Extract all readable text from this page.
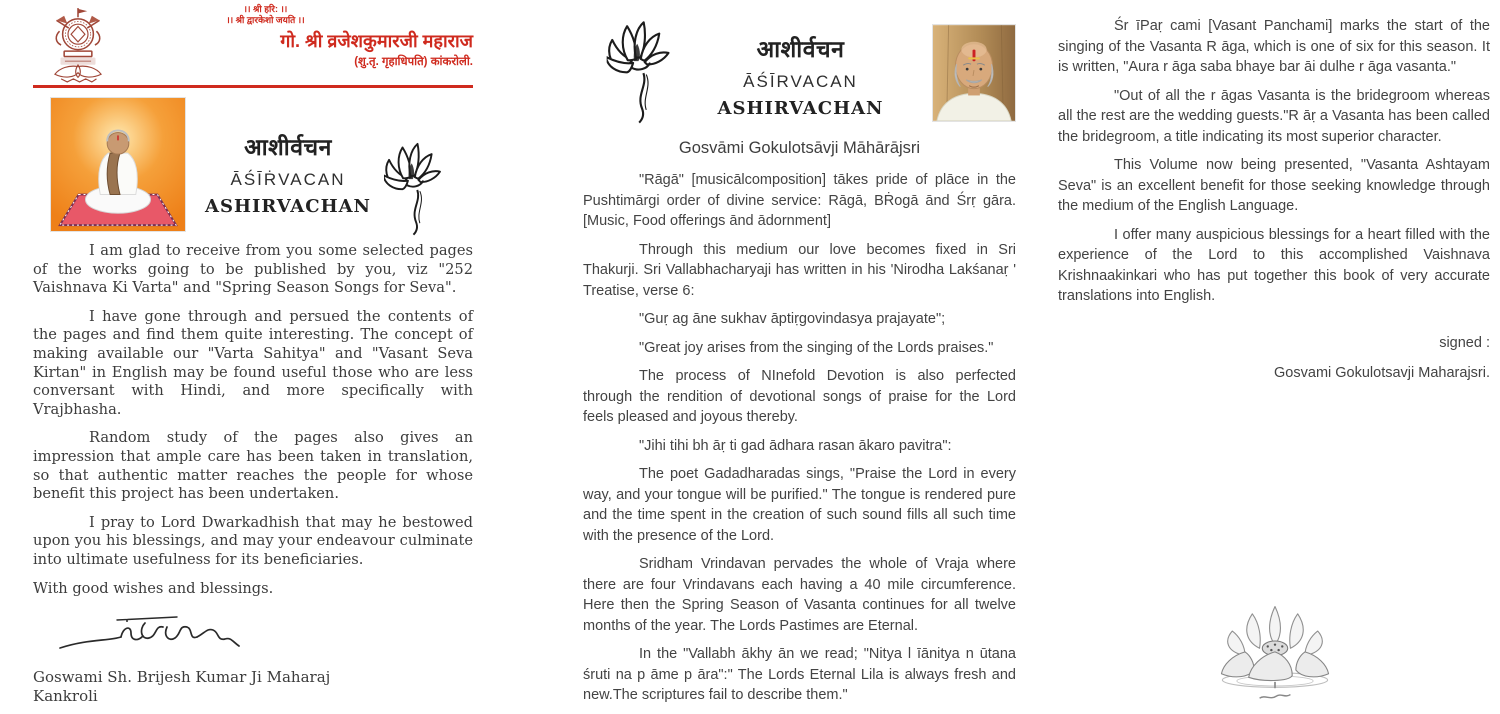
।। श्री हरि: ।।
।। श्री द्वारकेशो जयति ।।
गो. श्री व्रजेशकुमारजी महाराज
(शु.तृ. गृहाधिपति) कांकरोली.
आशीर्वचन
ĀŚĪṘVACAN
ASHIRVACHAN

I am glad to receive from you some selected pages of the works going to be published by you, viz "252 Vaishnava Ki Varta" and "Spring Season Songs for Seva".

I have gone through and persued the contents of the pages and find them quite interesting. The concept of making available our "Varta Sahitya" and "Vasant Seva Kirtan" in English may be found useful those who are less conversant with Hindi, and more specifically with Vrajbhasha.

Random study of the pages also gives an impression that ample care has been taken in translation, so that authentic matter reaches the people for whose benefit this project has been undertaken.

I pray to Lord Dwarkadhish that may he bestowed upon you his blessings, and may your endeavour culminate into ultimate usefulness for its beneficiaries.

With good wishes and blessings.

Goswami Sh. Brijesh Kumar Ji Maharaj
Kankroli
आशीर्वचन
ĀŚĪRVACAN
ASHIRVACHAN
Gosvāmi Gokulotsāvji Māhārājsri

"Rāgā" [musicālcomposition] tākes pride of plāce in the Pushtimārgi order of divine service: Rāgā, BṘogā ānd Śrṛ gāra. [Music, Food offerings ānd ādornment]

Through this medium our love becomes fixed in Sri Thakurji. Sri Vallabhacharyaji has written in his 'Nirodha Lakśanaṛ ' Treatise, verse 6:

"Guṛ ag āne sukhav āptiṛgovindasya prajayate";

"Great joy arises from the singing of the Lords praises."

The process of NInefold Devotion is also perfected through the rendition of devotional songs of praise for the Lord feels pleased and joyous thereby.

"Jihi tihi bh āṛ ti gad ādhara rasan ākaro pavitra":

The poet Gadadharadas sings, "Praise the Lord in every way, and your tongue will be purified." The tongue is rendered pure and the time spent in the creation of such sound fills all such time with the presence of the Lord.

Sridham Vrindavan pervades the whole of Vraja where there are four Vrindavans each having a 40 mile circumference. Here then the Spring Season of Vasanta continues for all twelve months of the year. The Lords Pastimes are Eternal.

In the "Vallabh ākhy ān we read; "Nitya l īānitya n ūtana śruti na p āme p āra":" The Lords Eternal Lila is always fresh and new.The scriptures fail to describe them."

Śr īPaṛ cami [Vasant Panchami] marks the start of the singing of the Vasanta R āga, which is one of six for this season. It is written, "Aura r āga saba bhaye bar āi dulhe r āga vasanta."

"Out of all the r āgas Vasanta is the bridegroom whereas all the rest are the wedding guests."R āṛ a Vasanta has been called the bridegroom, a title indicating its most superior character.

This Volume now being presented, "Vasanta Ashtayam Seva" is an excellent benefit for those seeking knowledge through the medium of the English Language.

I offer many auspicious blessings for a heart filled with the experience of the Lord to this accomplished Vaishnava Krishnaakinkari who has put together this book of very accurate translations into English.

signed :
Gosvami Gokulotsavji Maharajsri.
